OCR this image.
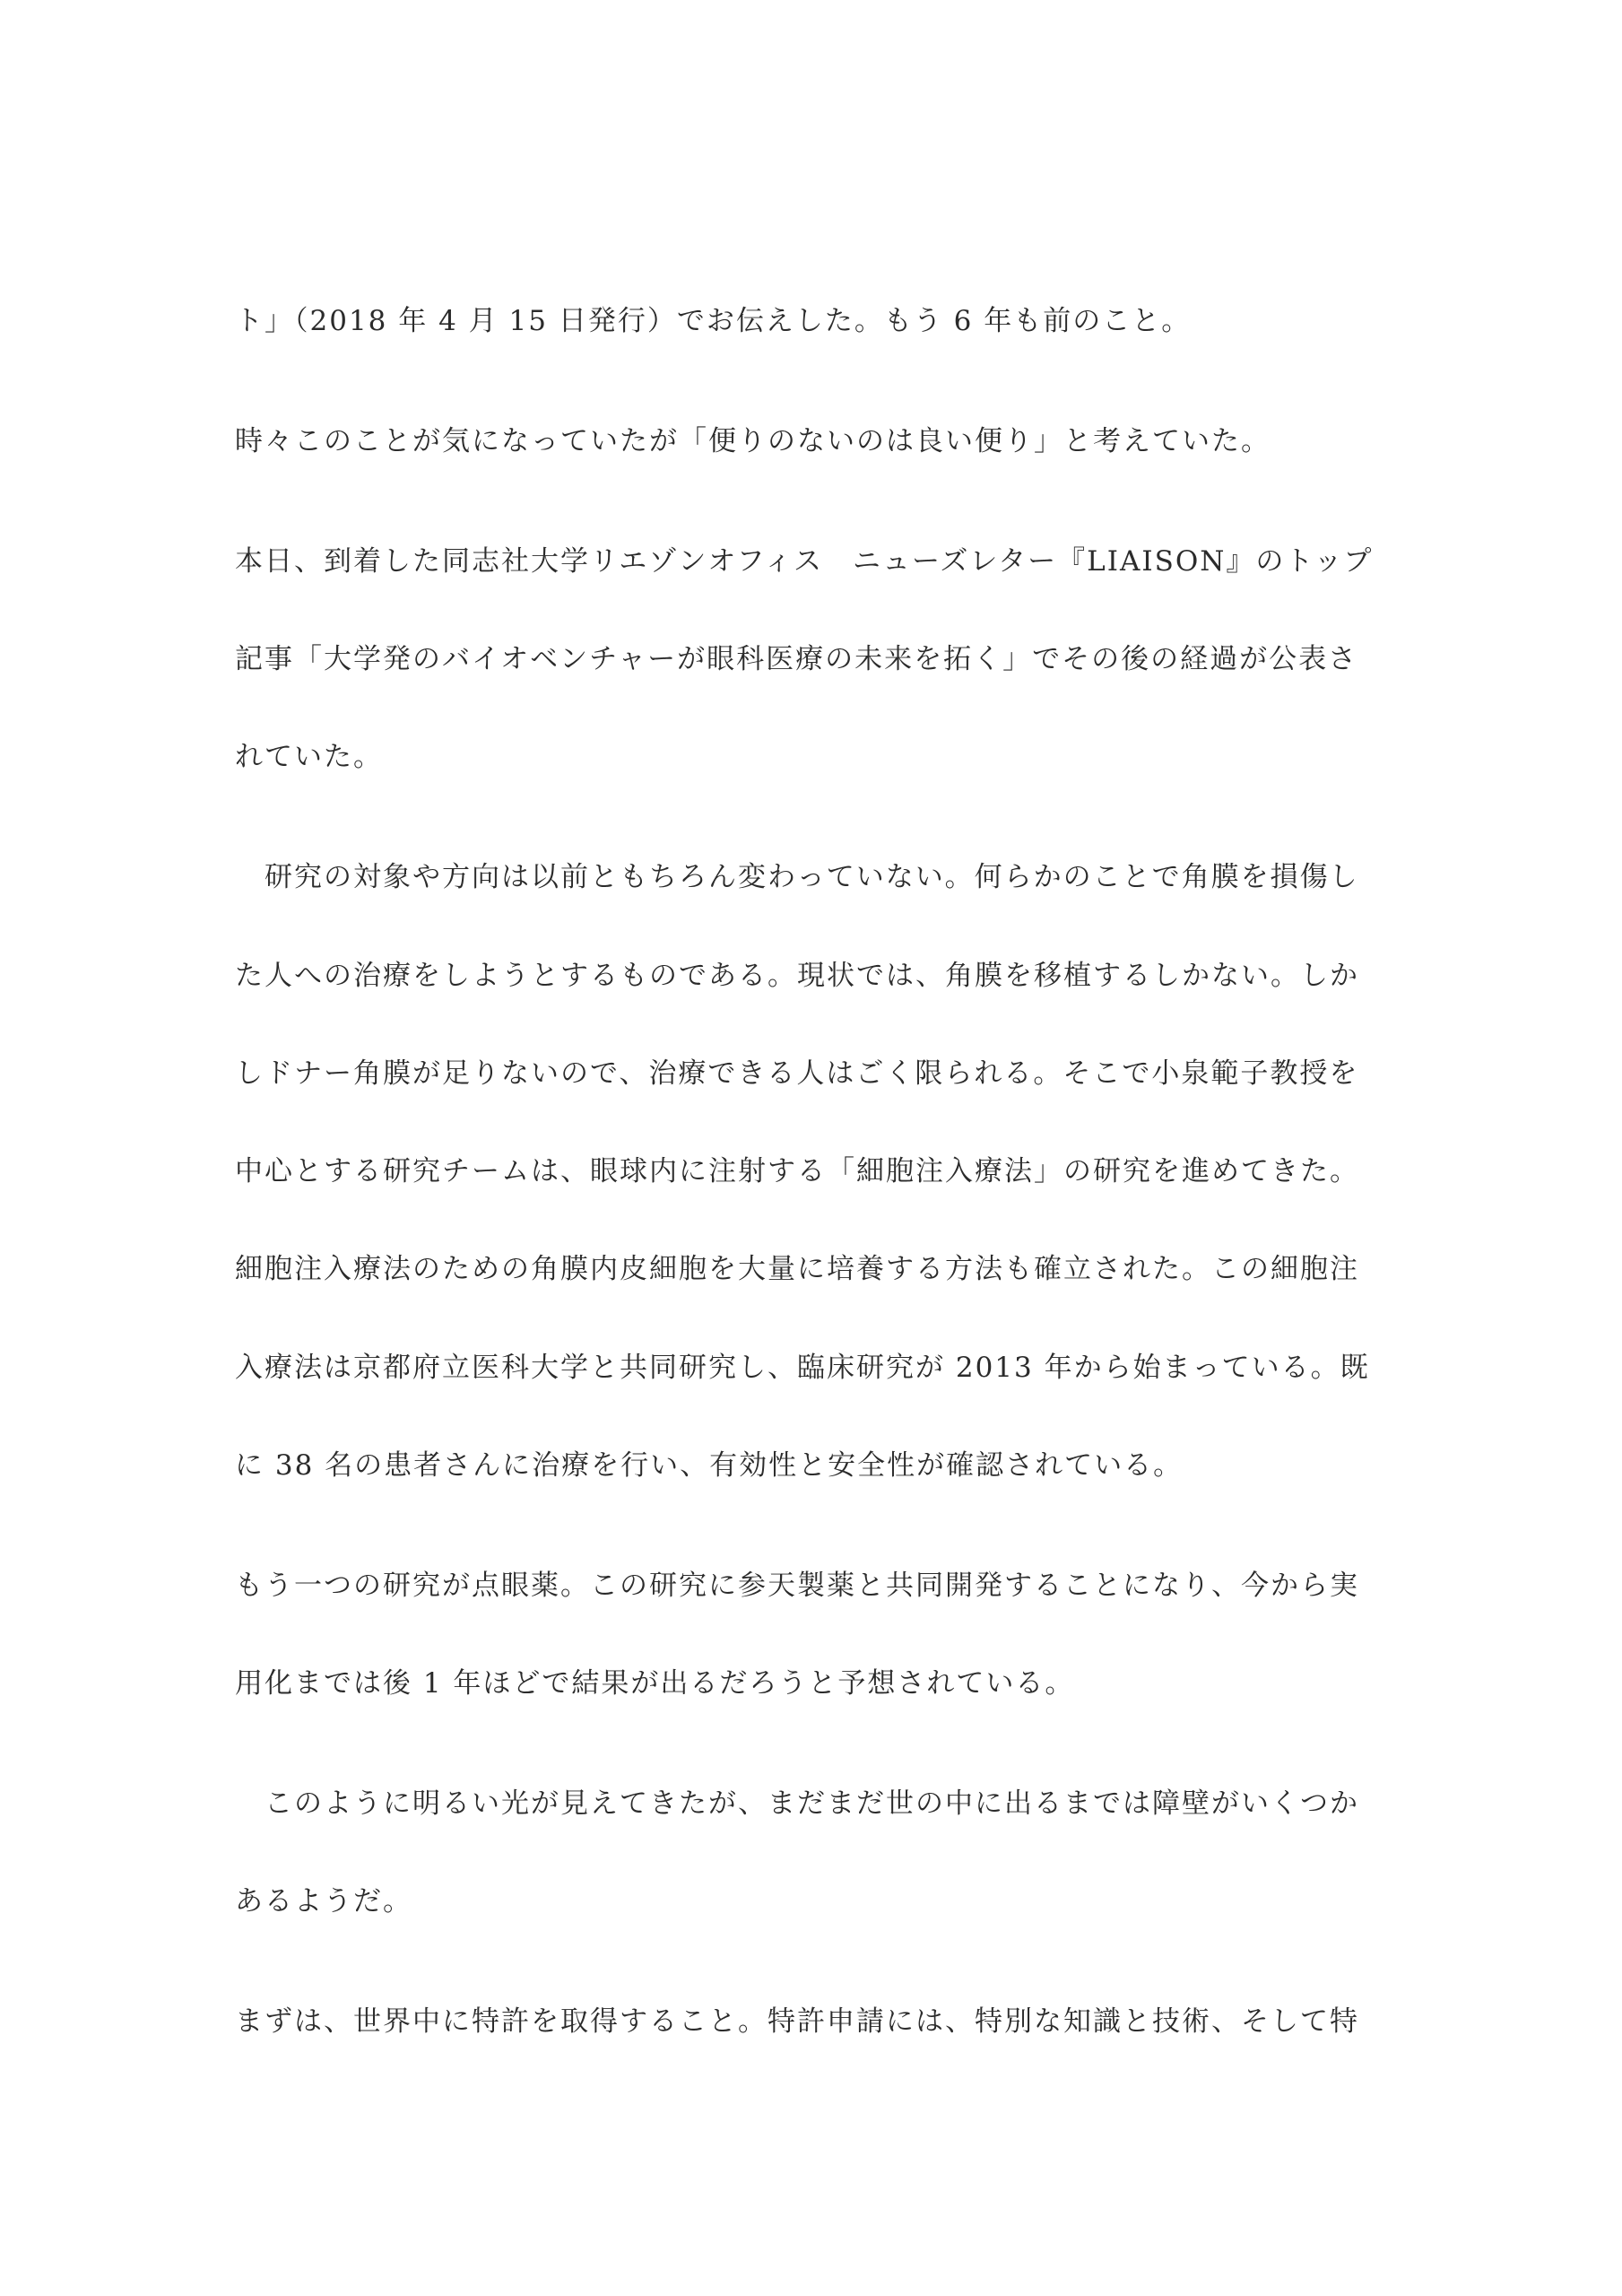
ト」（2018 年 4 月 15 日発行）でお伝えした。もう 6 年も前のこと。
時々このことが気になっていたが「便りのないのは良い便り」と考えていた。
本日、到着した同志社大学リエゾンオフィス　ニューズレター『LIAISON』のトップ
記事「大学発のバイオベンチャーが眼科医療の未来を拓く」でその後の経過が公表さ
れていた。
　研究の対象や方向は以前ともちろん変わっていない。何らかのことで角膜を損傷し
た人への治療をしようとするものである。現状では、角膜を移植するしかない。しか
しドナー角膜が足りないので、治療できる人はごく限られる。そこで小泉範子教授を
中心とする研究チームは、眼球内に注射する「細胞注入療法」の研究を進めてきた。
細胞注入療法のための角膜内皮細胞を大量に培養する方法も確立された。この細胞注
入療法は京都府立医科大学と共同研究し、臨床研究が 2013 年から始まっている。既
に 38 名の患者さんに治療を行い、有効性と安全性が確認されている。
もう一つの研究が点眼薬。この研究に参天製薬と共同開発することになり、今から実
用化までは後 1 年ほどで結果が出るだろうと予想されている。
　このように明るい光が見えてきたが、まだまだ世の中に出るまでは障壁がいくつか
あるようだ。
まずは、世界中に特許を取得すること。特許申請には、特別な知識と技術、そして特
